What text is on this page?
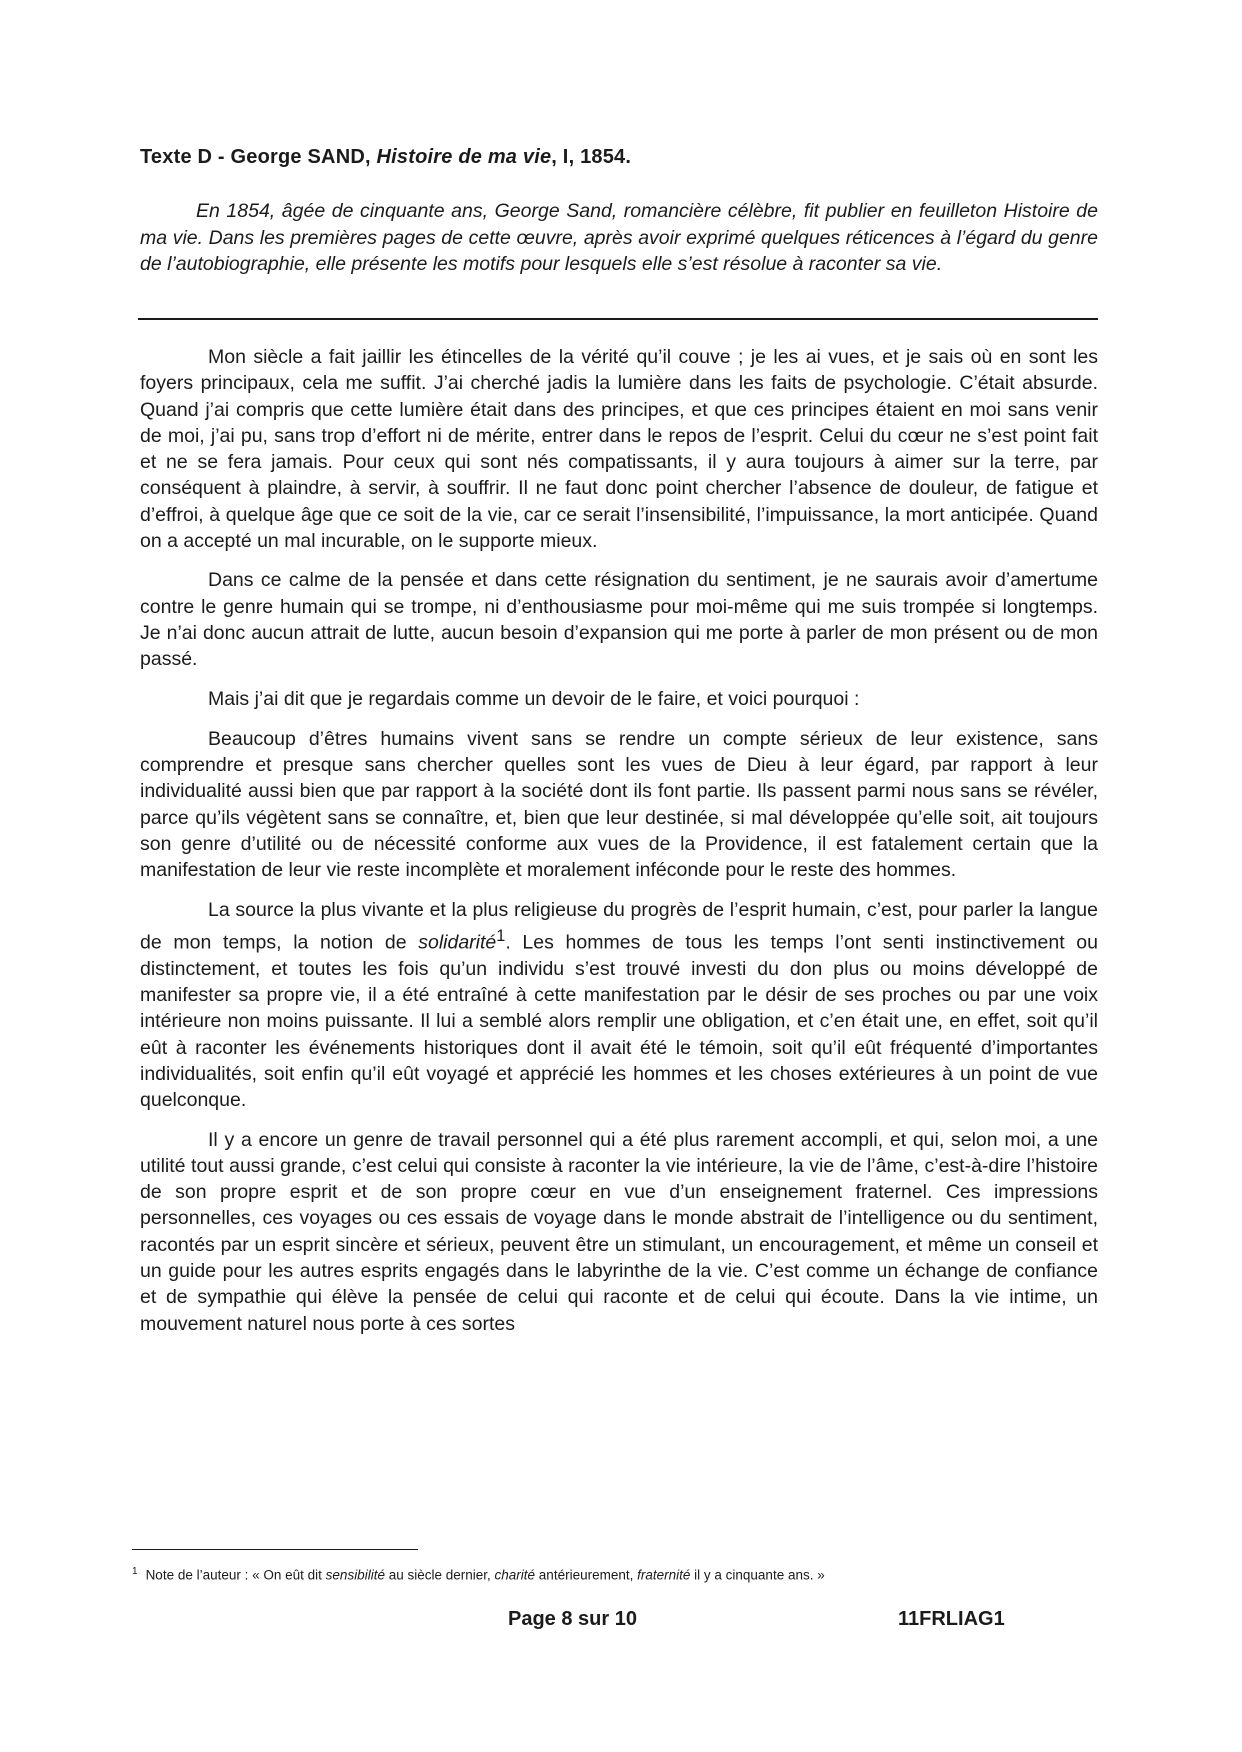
Texte D - George SAND, Histoire de ma vie, I, 1854.
En 1854, âgée de cinquante ans, George Sand, romancière célèbre, fit publier en feuilleton Histoire de ma vie. Dans les premières pages de cette œuvre, après avoir exprimé quelques réticences à l’égard du genre de l’autobiographie, elle présente les motifs pour lesquels elle s’est résolue à raconter sa vie.

Mon siècle a fait jaillir les étincelles de la vérité qu’il couve ; je les ai vues, et je sais où en sont les foyers principaux, cela me suffit. J’ai cherché jadis la lumière dans les faits de psychologie. C’était absurde. Quand j’ai compris que cette lumière était dans des principes, et que ces principes étaient en moi sans venir de moi, j’ai pu, sans trop d’effort ni de mérite, entrer dans le repos de l’esprit. Celui du cœur ne s’est point fait et ne se fera jamais. Pour ceux qui sont nés compatissants, il y aura toujours à aimer sur la terre, par conséquent à plaindre, à servir, à souffrir. Il ne faut donc point chercher l’absence de douleur, de fatigue et d’effroi, à quelque âge que ce soit de la vie, car ce serait l’insensibilité, l’impuissance, la mort anticipée. Quand on a accepté un mal incurable, on le supporte mieux.

Dans ce calme de la pensée et dans cette résignation du sentiment, je ne saurais avoir d’amertume contre le genre humain qui se trompe, ni d’enthousiasme pour moi-même qui me suis trompée si longtemps. Je n’ai donc aucun attrait de lutte, aucun besoin d’expansion qui me porte à parler de mon présent ou de mon passé.

Mais j’ai dit que je regardais comme un devoir de le faire, et voici pourquoi :

Beaucoup d’êtres humains vivent sans se rendre un compte sérieux de leur existence, sans comprendre et presque sans chercher quelles sont les vues de Dieu à leur égard, par rapport à leur individualité aussi bien que par rapport à la société dont ils font partie. Ils passent parmi nous sans se révéler, parce qu’ils végètent sans se connaître, et, bien que leur destinée, si mal développée qu’elle soit, ait toujours son genre d’utilité ou de nécessité conforme aux vues de la Providence, il est fatalement certain que la manifestation de leur vie reste incomplète et moralement inféconde pour le reste des hommes.

La source la plus vivante et la plus religieuse du progrès de l’esprit humain, c’est, pour parler la langue de mon temps, la notion de solidarité$^1$. Les hommes de tous les temps l’ont senti instinctivement ou distinctement, et toutes les fois qu’un individu s’est trouvé investi du don plus ou moins développé de manifester sa propre vie, il a été entraîné à cette manifestation par le désir de ses proches ou par une voix intérieure non moins puissante. Il lui a semblé alors remplir une obligation, et c’en était une, en effet, soit qu’il eût à raconter les événements historiques dont il avait été le témoin, soit qu’il eût fréquenté d’importantes individualités, soit enfin qu’il eût voyagé et apprécié les hommes et les choses extérieures à un point de vue quelconque.

Il y a encore un genre de travail personnel qui a été plus rarement accompli, et qui, selon moi, a une utilité tout aussi grande, c’est celui qui consiste à raconter la vie intérieure, la vie de l’âme, c’est-à-dire l’histoire de son propre esprit et de son propre cœur en vue d’un enseignement fraternel. Ces impressions personnelles, ces voyages ou ces essais de voyage dans le monde abstrait de l’intelligence ou du sentiment, racontés par un esprit sincère et sérieux, peuvent être un stimulant, un encouragement, et même un conseil et un guide pour les autres esprits engagés dans le labyrinthe de la vie. C’est comme un échange de confiance et de sympathie qui élève la pensée de celui qui raconte et de celui qui écoute. Dans la vie intime, un mouvement naturel nous porte à ces sortes

$^1$ Note de l’auteur : « On eût dit sensibilité au siècle dernier, charité antérieurement, fraternité il y a cinquante ans. »
Page 8 sur 10	11FRLIAG1
